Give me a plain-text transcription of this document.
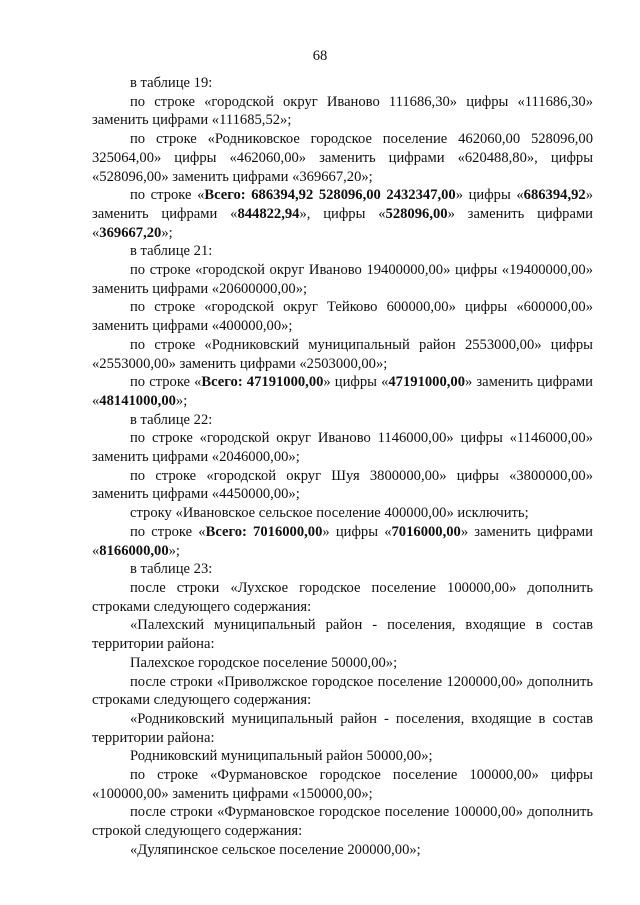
68

в таблице 19:

по строке «городской округ Иваново 111686,30» цифры «111686,30» заменить цифрами «111685,52»;

по строке «Родниковское городское поселение 462060,00 528096,00 325064,00» цифры «462060,00» заменить цифрами «620488,80», цифры «528096,00» заменить цифрами «369667,20»;

по строке «Всего: 686394,92 528096,00 2432347,00» цифры «686394,92» заменить цифрами «844822,94», цифры «528096,00» заменить цифрами «369667,20»;

в таблице 21:

по строке «городской округ Иваново 19400000,00» цифры «19400000,00» заменить цифрами «20600000,00»;

по строке «городской округ Тейково 600000,00» цифры «600000,00» заменить цифрами «400000,00»;

по строке «Родниковский муниципальный район 2553000,00» цифры «2553000,00» заменить цифрами «2503000,00»;

по строке «Всего: 47191000,00» цифры «47191000,00» заменить цифрами «48141000,00»;

в таблице 22:

по строке «городской округ Иваново 1146000,00» цифры «1146000,00» заменить цифрами «2046000,00»;

по строке «городской округ Шуя 3800000,00» цифры «3800000,00» заменить цифрами «4450000,00»;

строку «Ивановское сельское поселение 400000,00» исключить;

по строке «Всего: 7016000,00» цифры «7016000,00» заменить цифрами «8166000,00»;

в таблице 23:

после строки «Лухское городское поселение 100000,00» дополнить строками следующего содержания:

«Палехский муниципальный район - поселения, входящие в состав территории района:

Палехское городское поселение 50000,00»;

после строки «Приволжское городское поселение 1200000,00» дополнить строками следующего содержания:

«Родниковский муниципальный район - поселения, входящие в состав территории района:

Родниковский муниципальный район 50000,00»;

по строке «Фурмановское городское поселение 100000,00» цифры «100000,00» заменить цифрами «150000,00»;

после строки «Фурмановское городское поселение 100000,00» дополнить строкой следующего содержания:

«Дуляпинское сельское поселение 200000,00»;
